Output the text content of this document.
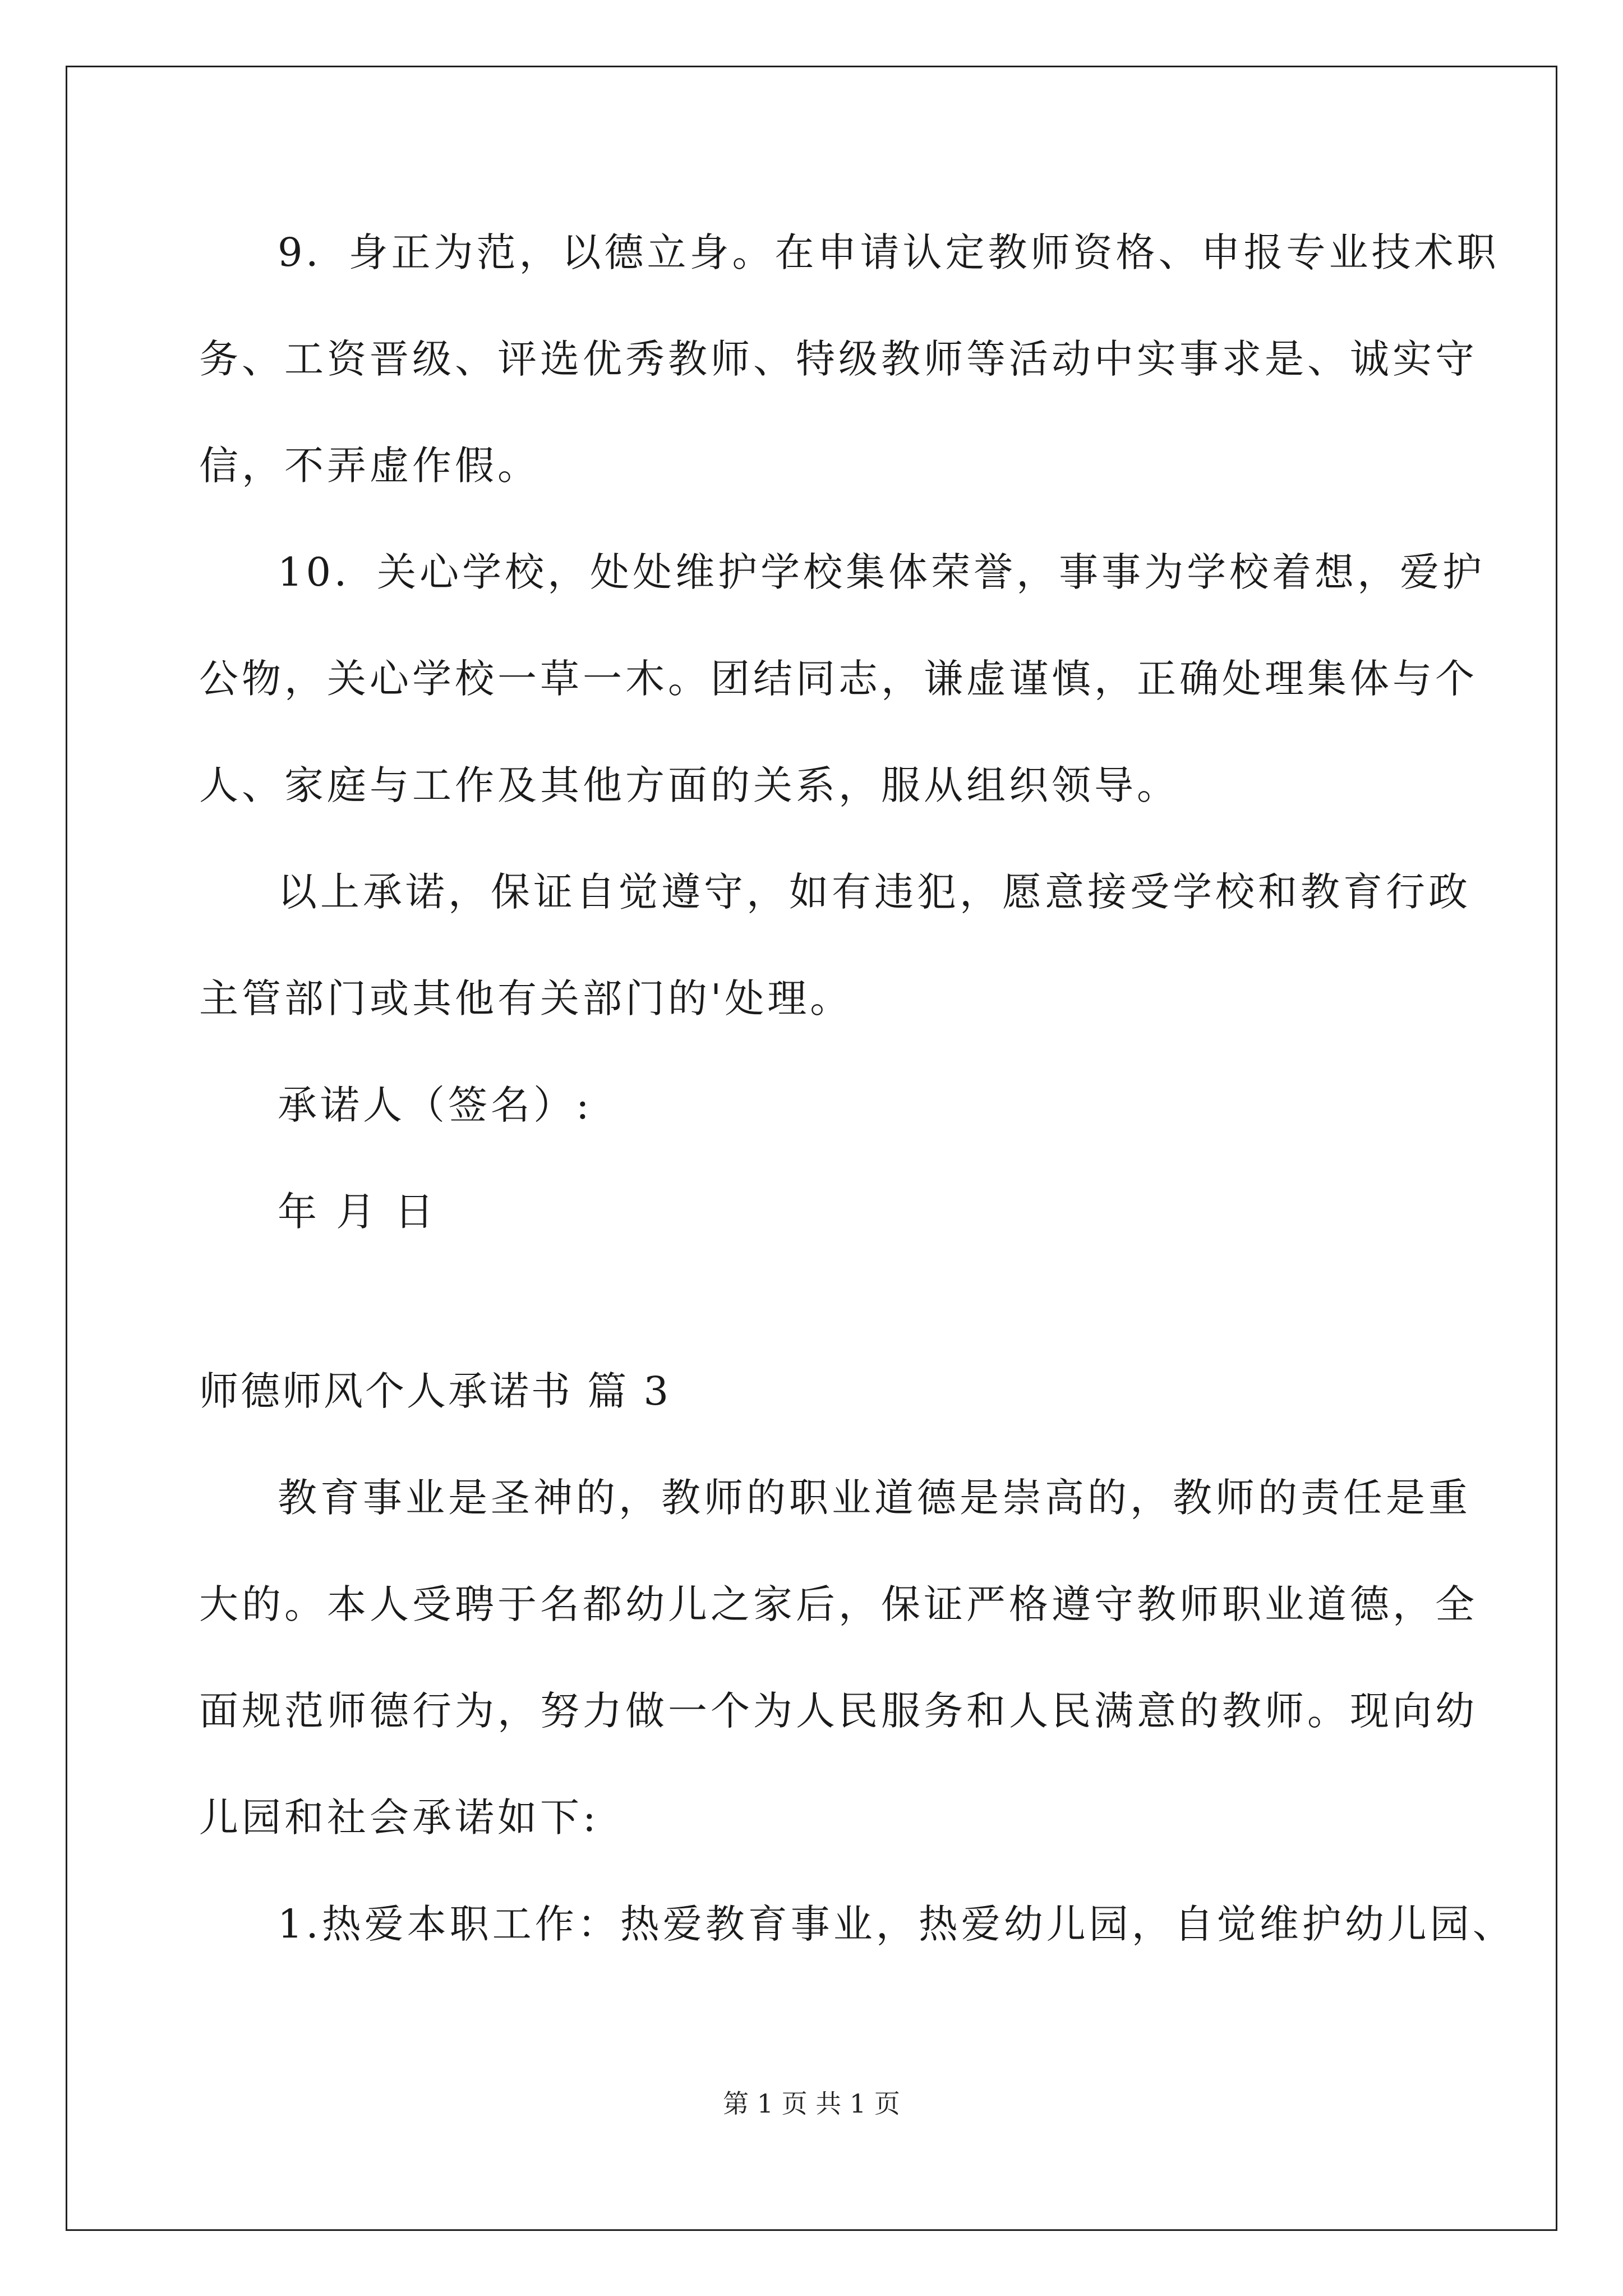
9．身正为范，以德立身。在申请认定教师资格、申报专业技术职
务、工资晋级、评选优秀教师、特级教师等活动中实事求是、诚实守
信，不弄虚作假。
10．关心学校，处处维护学校集体荣誉，事事为学校着想，爱护
公物，关心学校一草一木。团结同志，谦虚谨慎，正确处理集体与个
人、家庭与工作及其他方面的关系，服从组织领导。
以上承诺，保证自觉遵守，如有违犯，愿意接受学校和教育行政
主管部门或其他有关部门的'处理。
承诺人（签名）:
年 月 日
师德师风个人承诺书 篇 3
教育事业是圣神的，教师的职业道德是崇高的，教师的责任是重
大的。本人受聘于名都幼儿之家后，保证严格遵守教师职业道德，全
面规范师德行为，努力做一个为人民服务和人民满意的教师。现向幼
儿园和社会承诺如下:
1.热爱本职工作：热爱教育事业，热爱幼儿园，自觉维护幼儿园、
第 1 页 共 1 页
